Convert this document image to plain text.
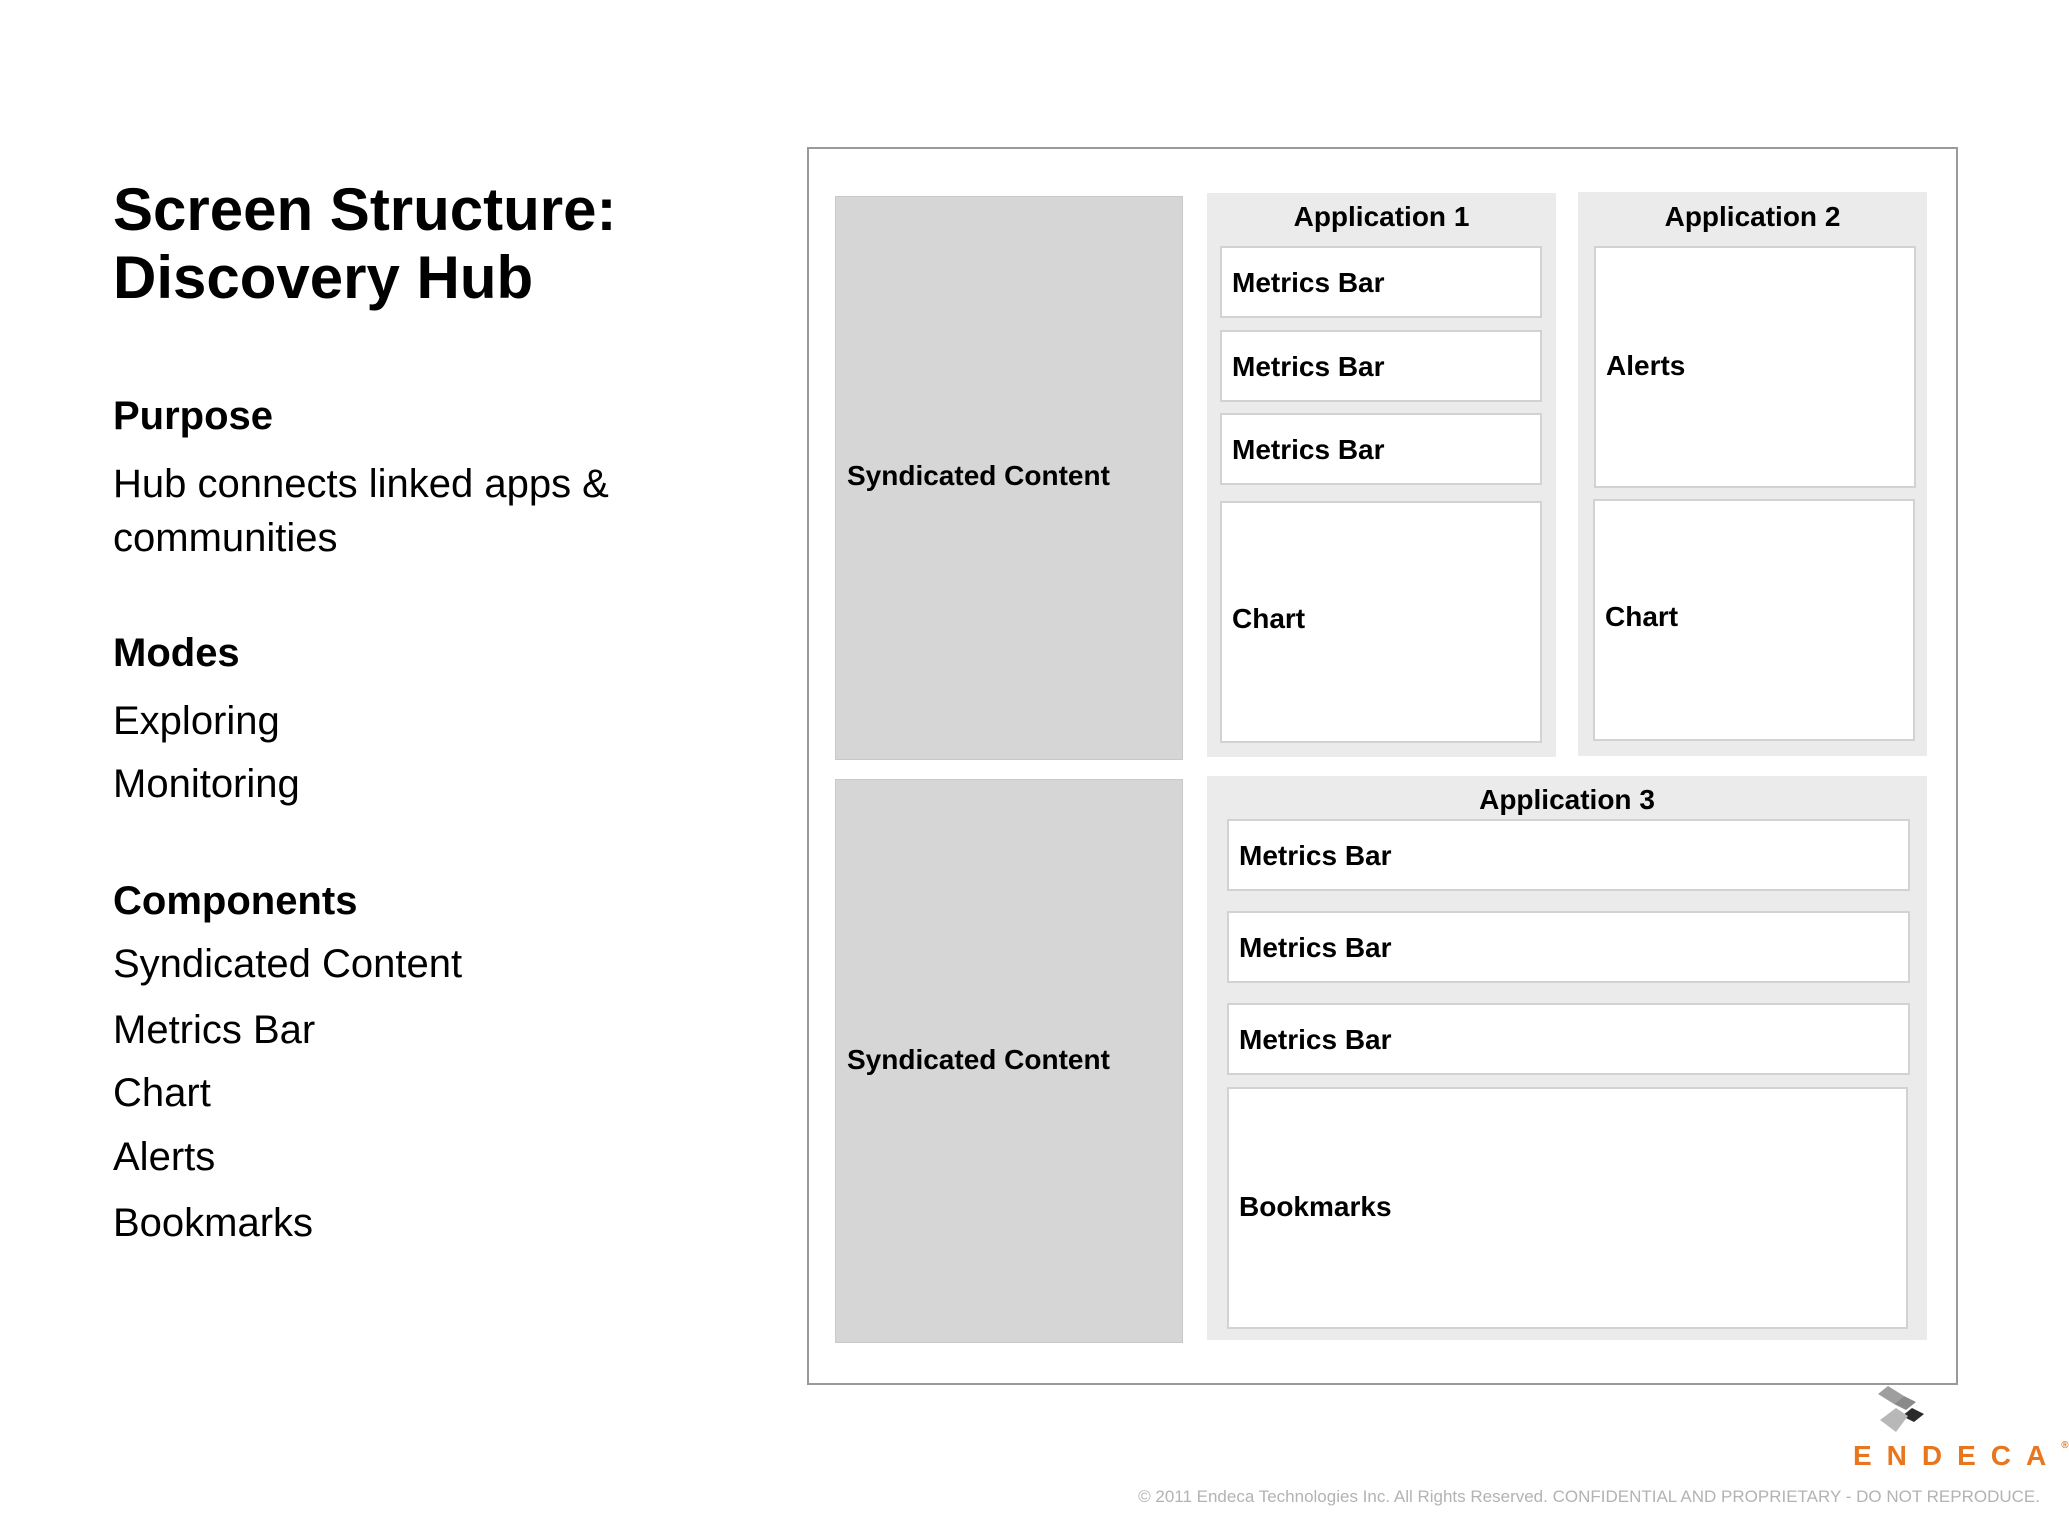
Screen Structure:
Discovery Hub
Purpose
Hub connects linked apps &
communities
Modes
Exploring
Monitoring
Components
Syndicated Content
Metrics Bar
Chart
Alerts
Bookmarks
Syndicated Content
Syndicated Content
Application 1
Metrics Bar
Metrics Bar
Metrics Bar
Chart
Application 2
Alerts
Chart
Application 3
Metrics Bar
Metrics Bar
Metrics Bar
Bookmarks
ENDECA®
© 2011 Endeca Technologies Inc. All Rights Reserved. CONFIDENTIAL AND PROPRIETARY - DO NOT REPRODUCE.
